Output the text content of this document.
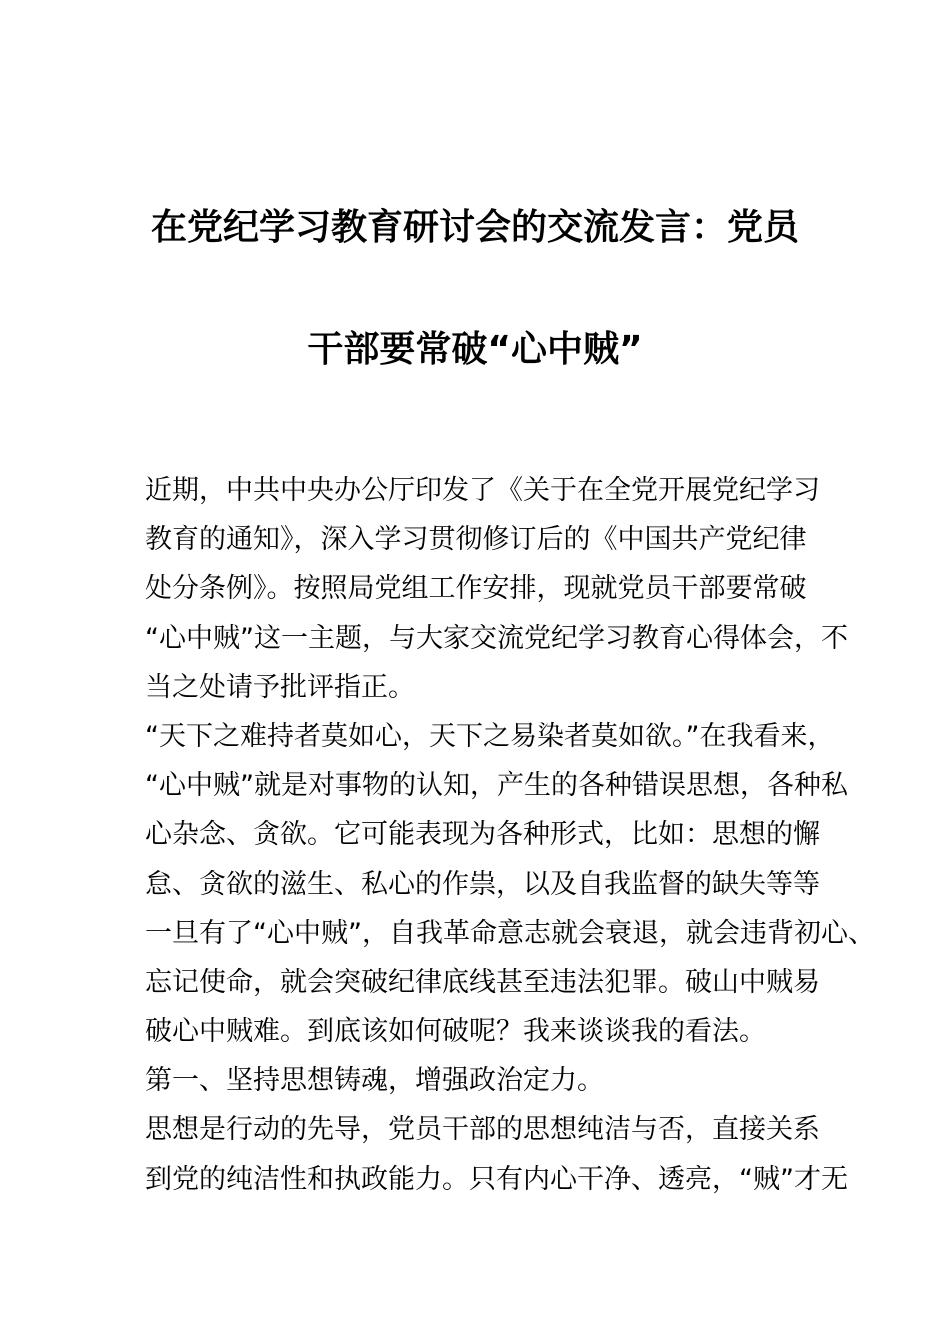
在党纪学习教育研讨会的交流发言：党员
干部要常破“心中贼”
近期，中共中央办公厅印发了《关于在全党开展党纪学习
教育的通知》，深入学习贯彻修订后的《中国共产党纪律
处分条例》。按照局党组工作安排，现就党员干部要常破
“心中贼”这一主题，与大家交流党纪学习教育心得体会，不
当之处请予批评指正。
“天下之难持者莫如心，天下之易染者莫如欲。”在我看来，
“心中贼”就是对事物的认知，产生的各种错误思想，各种私
心杂念、贪欲。它可能表现为各种形式，比如：思想的懈
怠、贪欲的滋生、私心的作祟，以及自我监督的缺失等等
一旦有了“心中贼”，自我革命意志就会衰退，就会违背初心、
忘记使命，就会突破纪律底线甚至违法犯罪。破山中贼易
破心中贼难。到底该如何破呢？我来谈谈我的看法。
第一、坚持思想铸魂，增强政治定力。
思想是行动的先导，党员干部的思想纯洁与否，直接关系
到党的纯洁性和执政能力。只有内心干净、透亮，“贼”才无
